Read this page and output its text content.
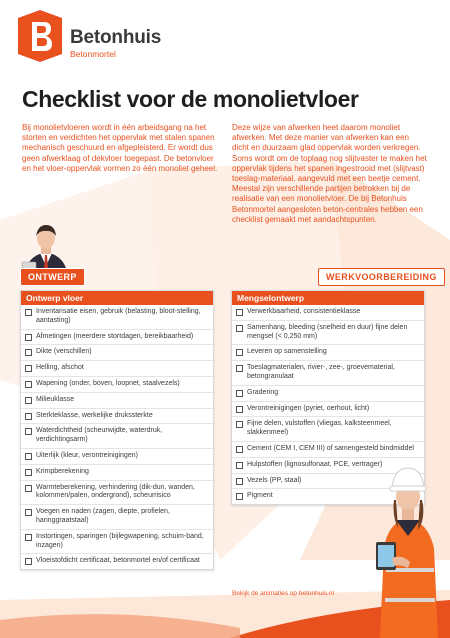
Betonhuis
Betonmortel
Checklist voor de monolietvloer

Bij monolietvloeren wordt in één arbeidsgang na het storten en verdichten het oppervlak met stalen spanen mechanisch geschuurd en afgepleisterd. Er wordt dus geen afwerklaag of dekvloer toegepast. De betonvloer en het vloer-oppervlak vormen zo één monoliet geheel.

Deze wijze van afwerken heet daarom monoliet afwerken. Met deze manier van afwerken kan een dicht en duurzaam glad oppervlak worden verkregen. Soms wordt om de toplaag nog slijtvaster te maken het oppervlak tijdens het spanen ingestrooid met (slijtvast) toeslag-materiaal, aangevuld met een beetje cement. Meestal zijn verschillende partijen betrokken bij de realisatie van een monolietvloer. De bij Betonhuis Betonmortel aangesloten beton-centrales hebben een checklist gemaakt met aandachtspunten.

ONTWERP	WERKVOORBEREIDING
Ontwerp vloer
Inventarisatie eisen, gebruik (belasting, bloot-stelling, aantasting)
Afmetingen (meerdere stortdagen, bereikbaarheid)
Dikte (verschillen)
Helling, afschot
Wapening (onder, boven, loopnet, staalvezels)
Milieuklasse
Sterkteklasse, werkelijke drukssterkte
Waterdichtheid (scheurwijdte, waterdruk, verdichtingsarm)
Uiterlijk (kleur, verontreinigingen)
Krimpberekening
Warmteberekening, verhindering (dik-dun, wanden, kolommen/palen, ondergrond), scheurrisico
Voegen en naden (zagen, diepte, profielen, haringgraatstaal)
Instortingen, sparingen (bijlegwapening, schuim-band, inzagen)
Vloeistofdicht certificaat, betonmortel en/of certificaat
Mengselontwerp
Verwerkbaarheid, consistentieklasse
Samenhang, bleeding (snelheid en duur) fijne delen mengsel (< 0,250 mm)
Leveren op samenstelling
Toeslagmaterialen, rivier-, zee-, groevematerial, betongranulaat
Gradering
Verontreinigingen (pyriet, oerhout, licht)
Fijne delen, vulstoffen (vliegas, kalksteenmeel, slakkenmeel)
Cement (CEM I, CEM III) of samengesteld bindmiddel
Hulpstoffen (lignosulfonaat, PCE, vertrager)
Vezels (PP, staal)
Pigment
Bekijk de animaties op betonhuis.nl
